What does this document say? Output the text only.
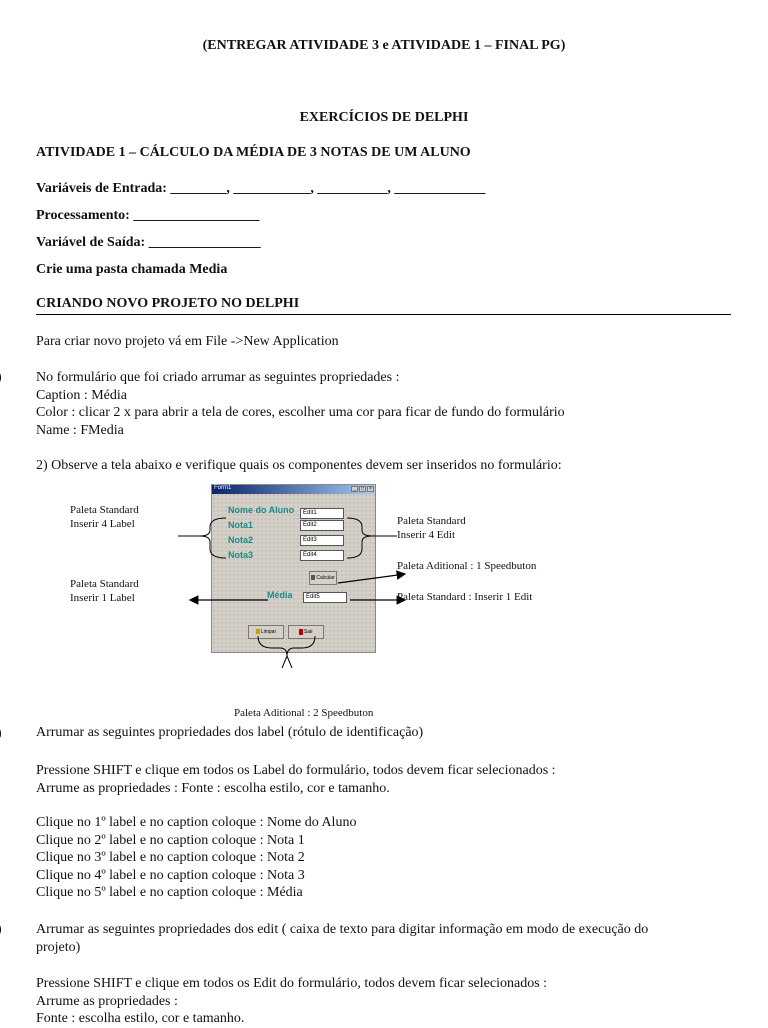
(ENTREGAR ATIVIDADE 3 e ATIVIDADE 1 – FINAL PG)
EXERCÍCIOS DE DELPHI
ATIVIDADE 1 – CÁLCULO DA MÉDIA DE 3 NOTAS DE UM ALUNO
Variáveis de Entrada: ________, ___________, __________, _____________
Processamento: __________________
Variável de Saída: ________________
Crie uma pasta chamada Media
CRIANDO NOVO PROJETO NO DELPHI
Para criar novo projeto vá em File ->New Application
No formulário que foi criado arrumar as seguintes propriedades :
Caption : Média
Color : clicar 2 x para abrir a tela de cores, escolher uma cor para ficar de fundo do formulário
Name : FMedia
2) Observe a tela abaixo e verifique quais os componentes devem ser inseridos no formulário:
Form1	_	□	×
Nome do Aluno
Nota1
Nota2
Nota3
Média
Edit1
Edit2
Edit3
Edit4
Edit5
Calcular
Limpar	Sair
Paleta Standard
Inserir 4 Label
Paleta Standard
Inserir 1 Label
Paleta Standard
Inserir 4 Edit
Paleta Aditional : 1 Speedbuton
Paleta Standard : Inserir 1 Edit
Paleta Aditional : 2 Speedbuton
Arrumar as seguintes propriedades dos label (rótulo de identificação)
Pressione SHIFT e clique em todos os Label do formulário, todos devem ficar selecionados :
Arrume as propriedades : Fonte : escolha estilo, cor e tamanho.
Clique no 1º label e no caption coloque : Nome do Aluno
Clique no 2º label e no caption coloque : Nota 1
Clique no 3º label e no caption coloque : Nota 2
Clique no 4º label e no caption coloque : Nota 3
Clique no 5º label e no caption coloque : Média
Arrumar as seguintes propriedades dos edit ( caixa de texto para digitar informação em modo de execução do
projeto)
Pressione SHIFT e clique em todos os Edit do formulário, todos devem ficar selecionados :
Arrume as propriedades :
Fonte : escolha estilo, cor e tamanho.
